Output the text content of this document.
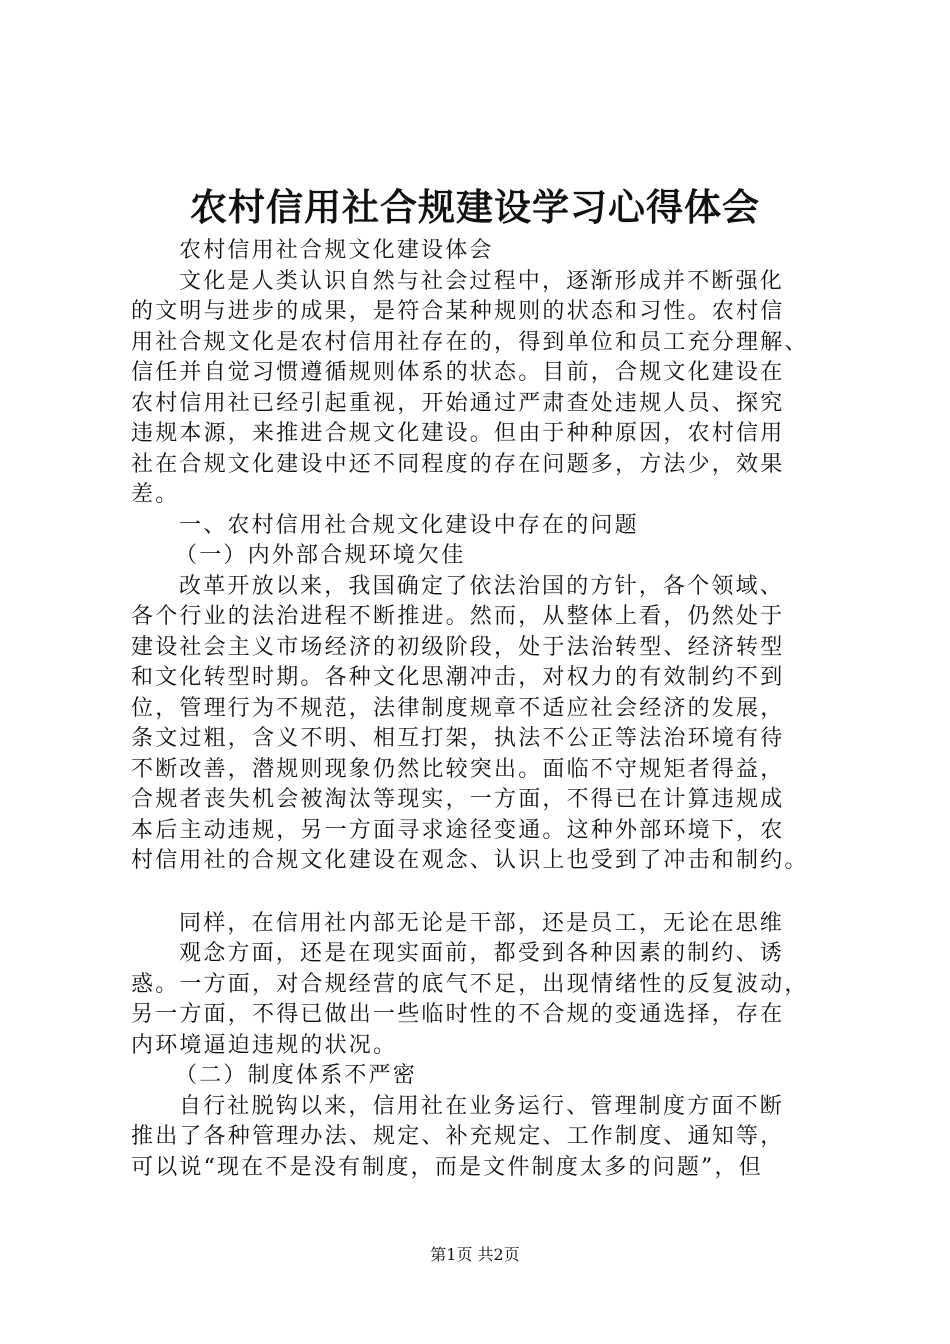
农村信用社合规建设学习心得体会
农村信用社合规文化建设体会
文化是人类认识自然与社会过程中，逐渐形成并不断强化
的文明与进步的成果，是符合某种规则的状态和习性。农村信
用社合规文化是农村信用社存在的，得到单位和员工充分理解、
信任并自觉习惯遵循规则体系的状态。目前，合规文化建设在
农村信用社已经引起重视，开始通过严肃查处违规人员、探究
违规本源，来推进合规文化建设。但由于种种原因，农村信用
社在合规文化建设中还不同程度的存在问题多，方法少，效果
差。
一、农村信用社合规文化建设中存在的问题
（一）内外部合规环境欠佳
改革开放以来，我国确定了依法治国的方针，各个领域、
各个行业的法治进程不断推进。然而，从整体上看，仍然处于
建设社会主义市场经济的初级阶段，处于法治转型、经济转型
和文化转型时期。各种文化思潮冲击，对权力的有效制约不到
位，管理行为不规范，法律制度规章不适应社会经济的发展，
条文过粗，含义不明、相互打架，执法不公正等法治环境有待
不断改善，潜规则现象仍然比较突出。面临不守规矩者得益，
合规者丧失机会被淘汰等现实，一方面，不得已在计算违规成
本后主动违规，另一方面寻求途径变通。这种外部环境下，农
村信用社的合规文化建设在观念、认识上也受到了冲击和制约。
同样，在信用社内部无论是干部，还是员工，无论在思维
观念方面，还是在现实面前，都受到各种因素的制约、诱
惑。一方面，对合规经营的底气不足，出现情绪性的反复波动，
另一方面，不得已做出一些临时性的不合规的变通选择，存在
内环境逼迫违规的状况。
（二）制度体系不严密
自行社脱钩以来，信用社在业务运行、管理制度方面不断
推出了各种管理办法、规定、补充规定、工作制度、通知等，
可以说“现在不是没有制度，而是文件制度太多的问题”，但
第1页 共2页
